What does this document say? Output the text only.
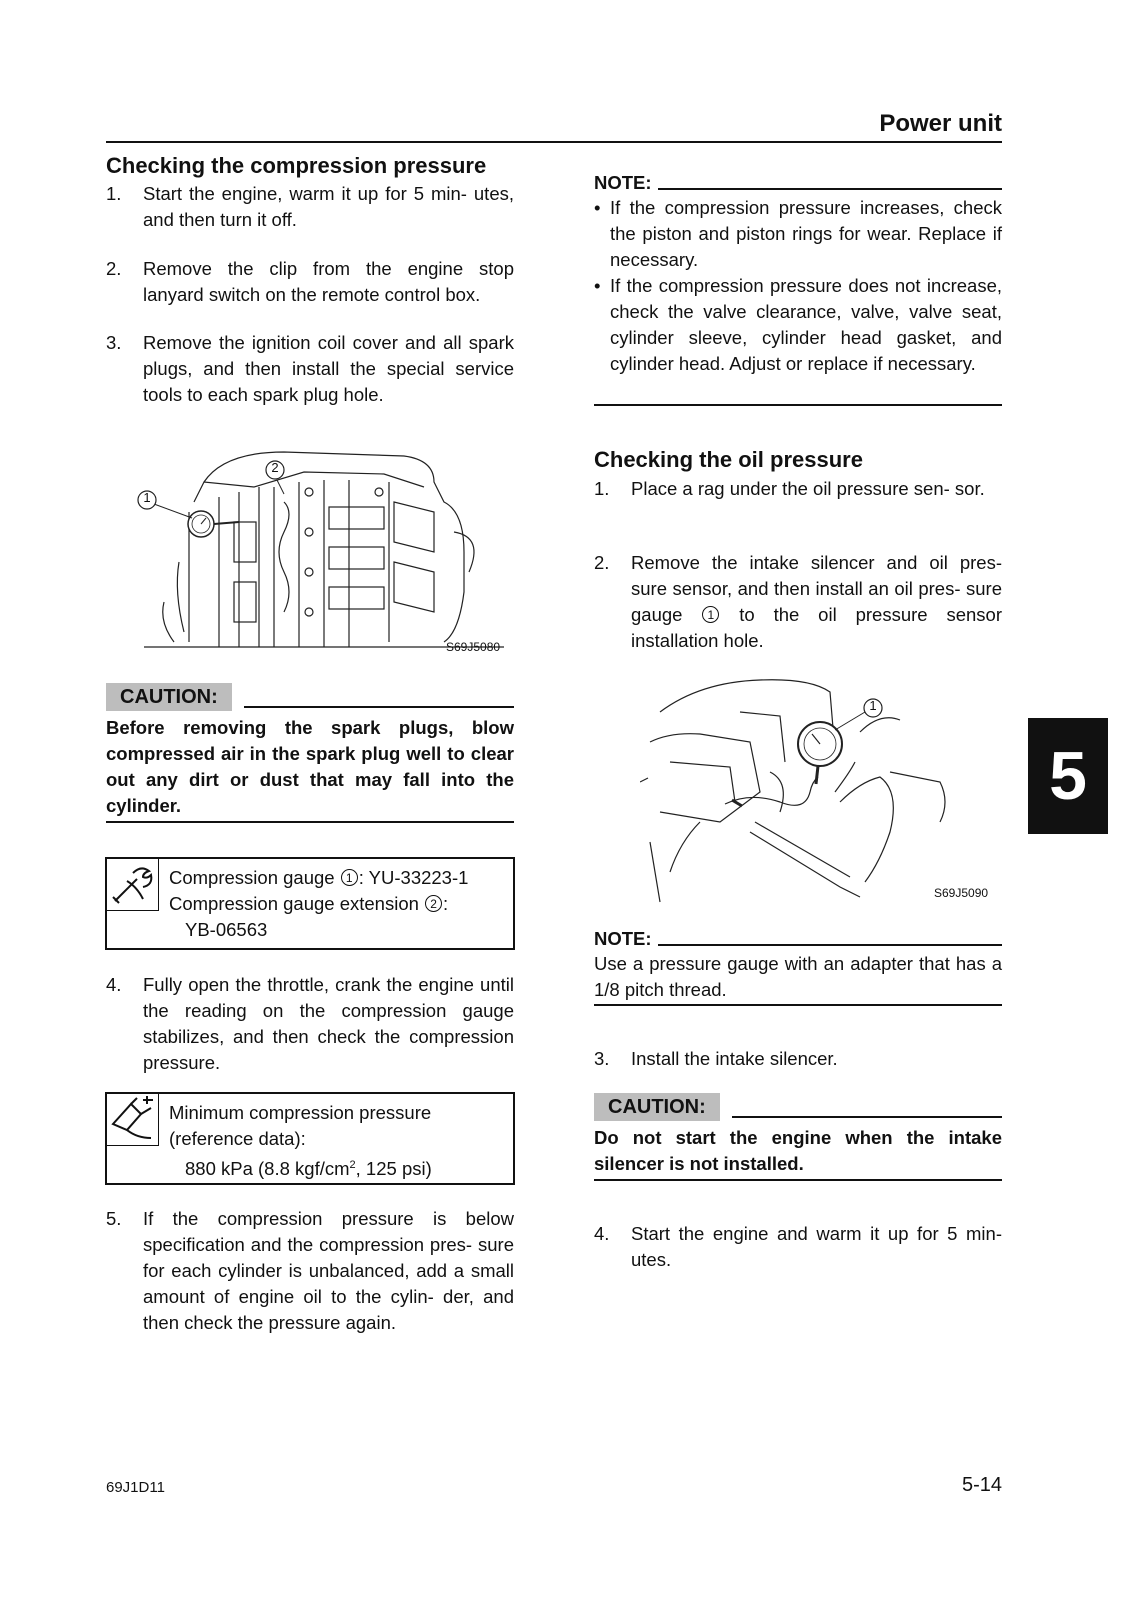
Power unit
Checking the compression pressure
1.	Start the engine, warm it up for 5 min- utes, and then turn it off.
2.	Remove the clip from the engine stop lanyard switch on the remote control box.
3.	Remove the ignition coil cover and all spark plugs, and then install the special service tools to each spark plug hole.
1
2
S69J5080
CAUTION:
Before removing the spark plugs, blow compressed air in the spark plug well to clear out any dirt or dust that may fall into the cylinder.
Compression gauge 1 : YU-33223-1
Compression gauge extension 2 :
YB-06563
4.	Fully open the throttle, crank the engine until the reading on the compression gauge stabilizes, and then check the compression pressure.
Minimum compression pressure
(reference data):
880 kPa (8.8 kgf/$cm^2$, 125 psi)
5.	If the compression pressure is below specification and the compression pres- sure for each cylinder is unbalanced, add a small amount of engine oil to the cylin- der, and then check the pressure again.
NOTE:
• If the compression pressure increases, check the piston and piston rings for wear. Replace if necessary.
• If the compression pressure does not increase, check the valve clearance, valve, valve seat, cylinder sleeve, cylinder head gasket, and cylinder head. Adjust or replace if necessary.
Checking the oil pressure
1.	Place a rag under the oil pressure sen- sor.
2.	Remove the intake silencer and oil pres- sure sensor, and then install an oil pres- sure gauge 1 to the oil pressure sensor installation hole.
1
S69J5090
NOTE:
Use a pressure gauge with an adapter that has a 1/8 pitch thread.
3.	Install the intake silencer.
CAUTION:
Do not start the engine when the intake silencer is not installed.
4.	Start the engine and warm it up for 5 min- utes.
5
69J1D11	5-14
